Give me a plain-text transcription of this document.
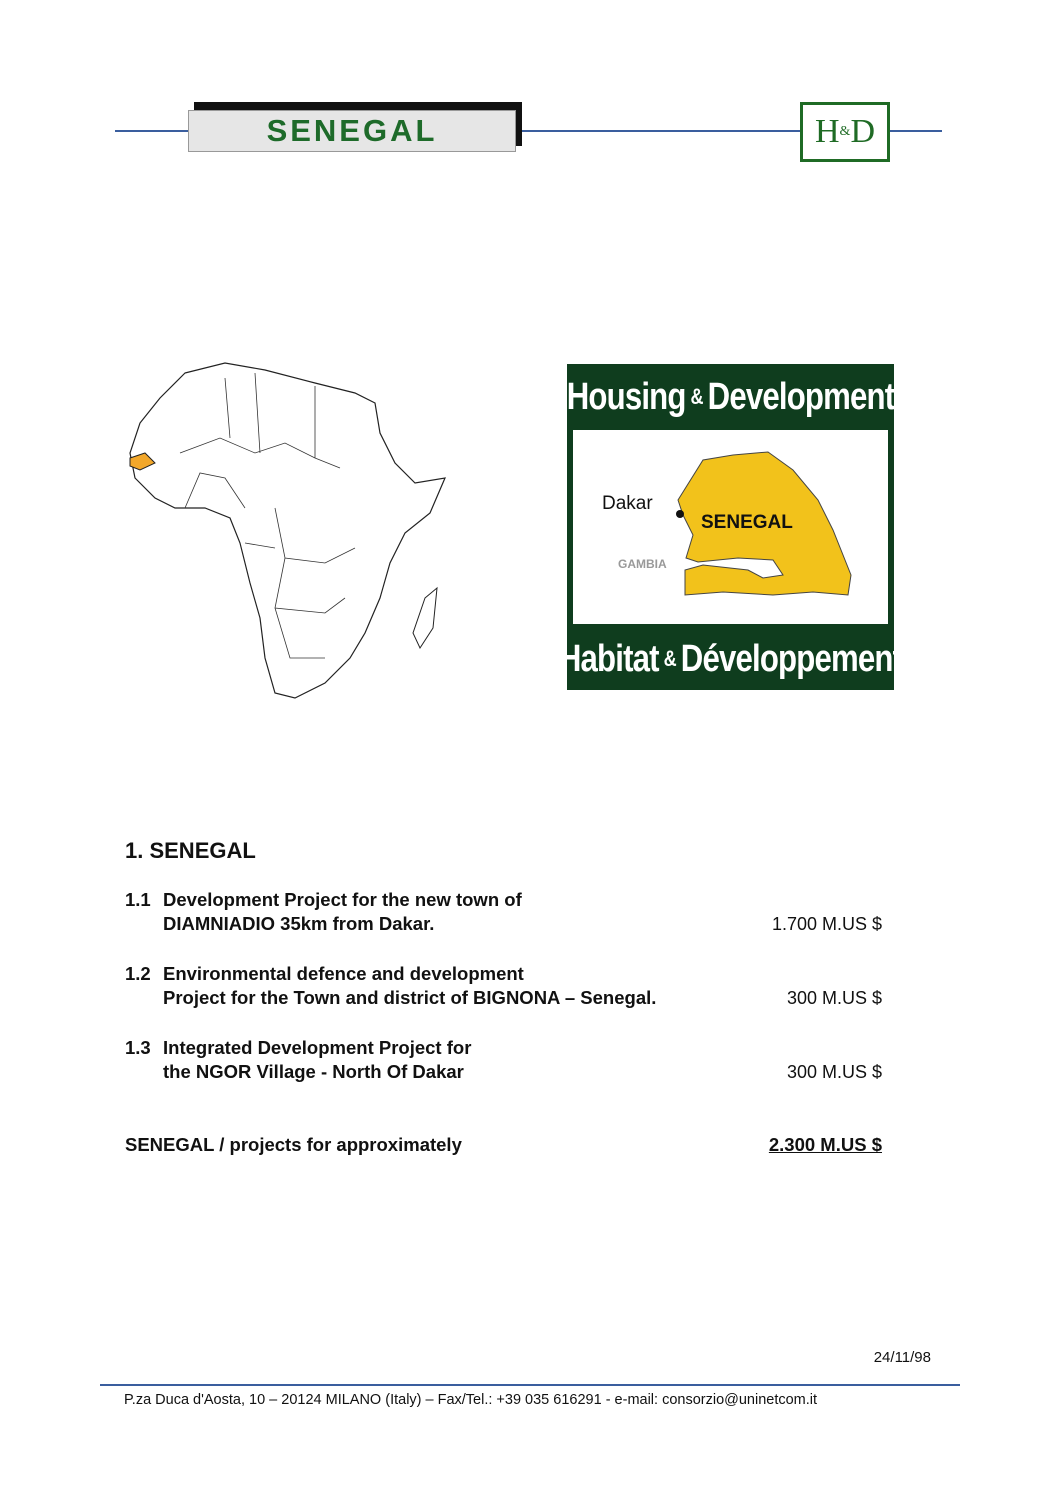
SENEGAL	H & D
Housing & Development
Dakar
SENEGAL
GAMBIA
Habitat & Développement
1. SENEGAL
1.1 Development Project for the new town of
DIAMNIADIO 35km from Dakar.	1.700 M.US $
1.2 Environmental defence and development
Project for the Town and district of BIGNONA – Senegal.	300 M.US $
1.3 Integrated Development Project for
the NGOR Village - North Of Dakar	300 M.US $
SENEGAL / projects for approximately	2.300 M.US $
24/11/98
P.za Duca d'Aosta, 10 – 20124 MILANO (Italy) – Fax/Tel.: +39 035 616291 - e-mail: consorzio@uninetcom.it
